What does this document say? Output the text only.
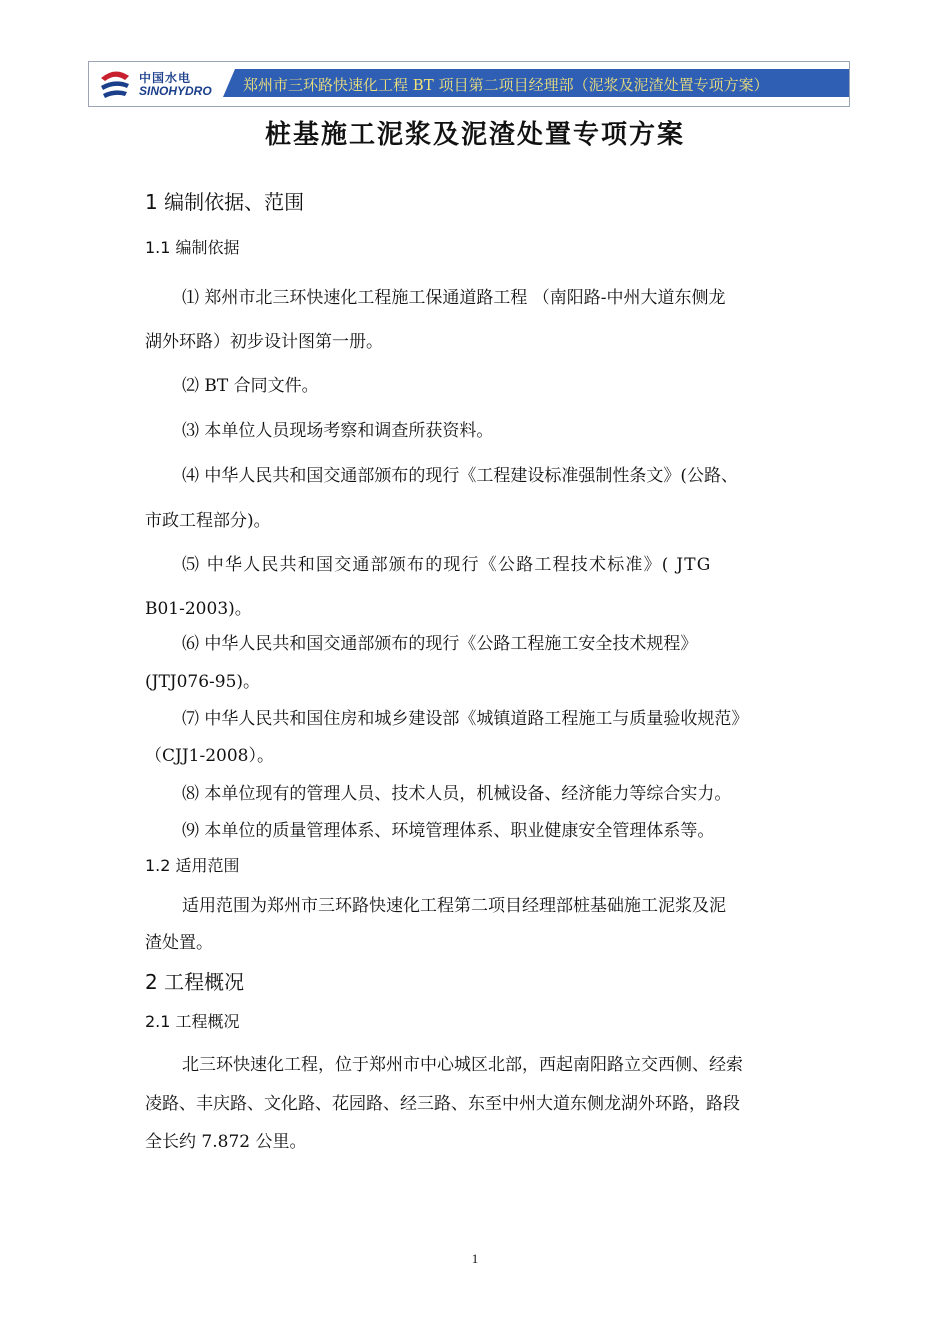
中国水电
SINOHYDRO 郑州市三环路快速化工程 BT 项目第二项目经理部（泥浆及泥渣处置专项方案）
桩基施工泥浆及泥渣处置专项方案
1 编制依据、范围
1.1 编制依据
⑴ 郑州市北三环快速化工程施工保通道路工程 （南阳路-中州大道东侧龙
湖外环路）初步设计图第一册。
⑵ BT 合同文件。
⑶ 本单位人员现场考察和调查所获资料。
⑷ 中华人民共和国交通部颁布的现行《工程建设标准强制性条文》(公路、
市政工程部分)。
⑸ 中华人民共和国交通部颁布的现行《公路工程技术标准》( JTG
B01-2003)。
⑹ 中华人民共和国交通部颁布的现行《公路工程施工安全技术规程》
(JTJ076-95)。
⑺ 中华人民共和国住房和城乡建设部《城镇道路工程施工与质量验收规范》
（CJJ1-2008）。
⑻ 本单位现有的管理人员、技术人员，机械设备、经济能力等综合实力。
⑼ 本单位的质量管理体系、环境管理体系、职业健康安全管理体系等。
1.2 适用范围
适用范围为郑州市三环路快速化工程第二项目经理部桩基础施工泥浆及泥
渣处置。
2 工程概况
2.1 工程概况
北三环快速化工程，位于郑州市中心城区北部，西起南阳路立交西侧、经索
凌路、丰庆路、文化路、花园路、经三路、东至中州大道东侧龙湖外环路，路段
全长约 7.872 公里。
1
